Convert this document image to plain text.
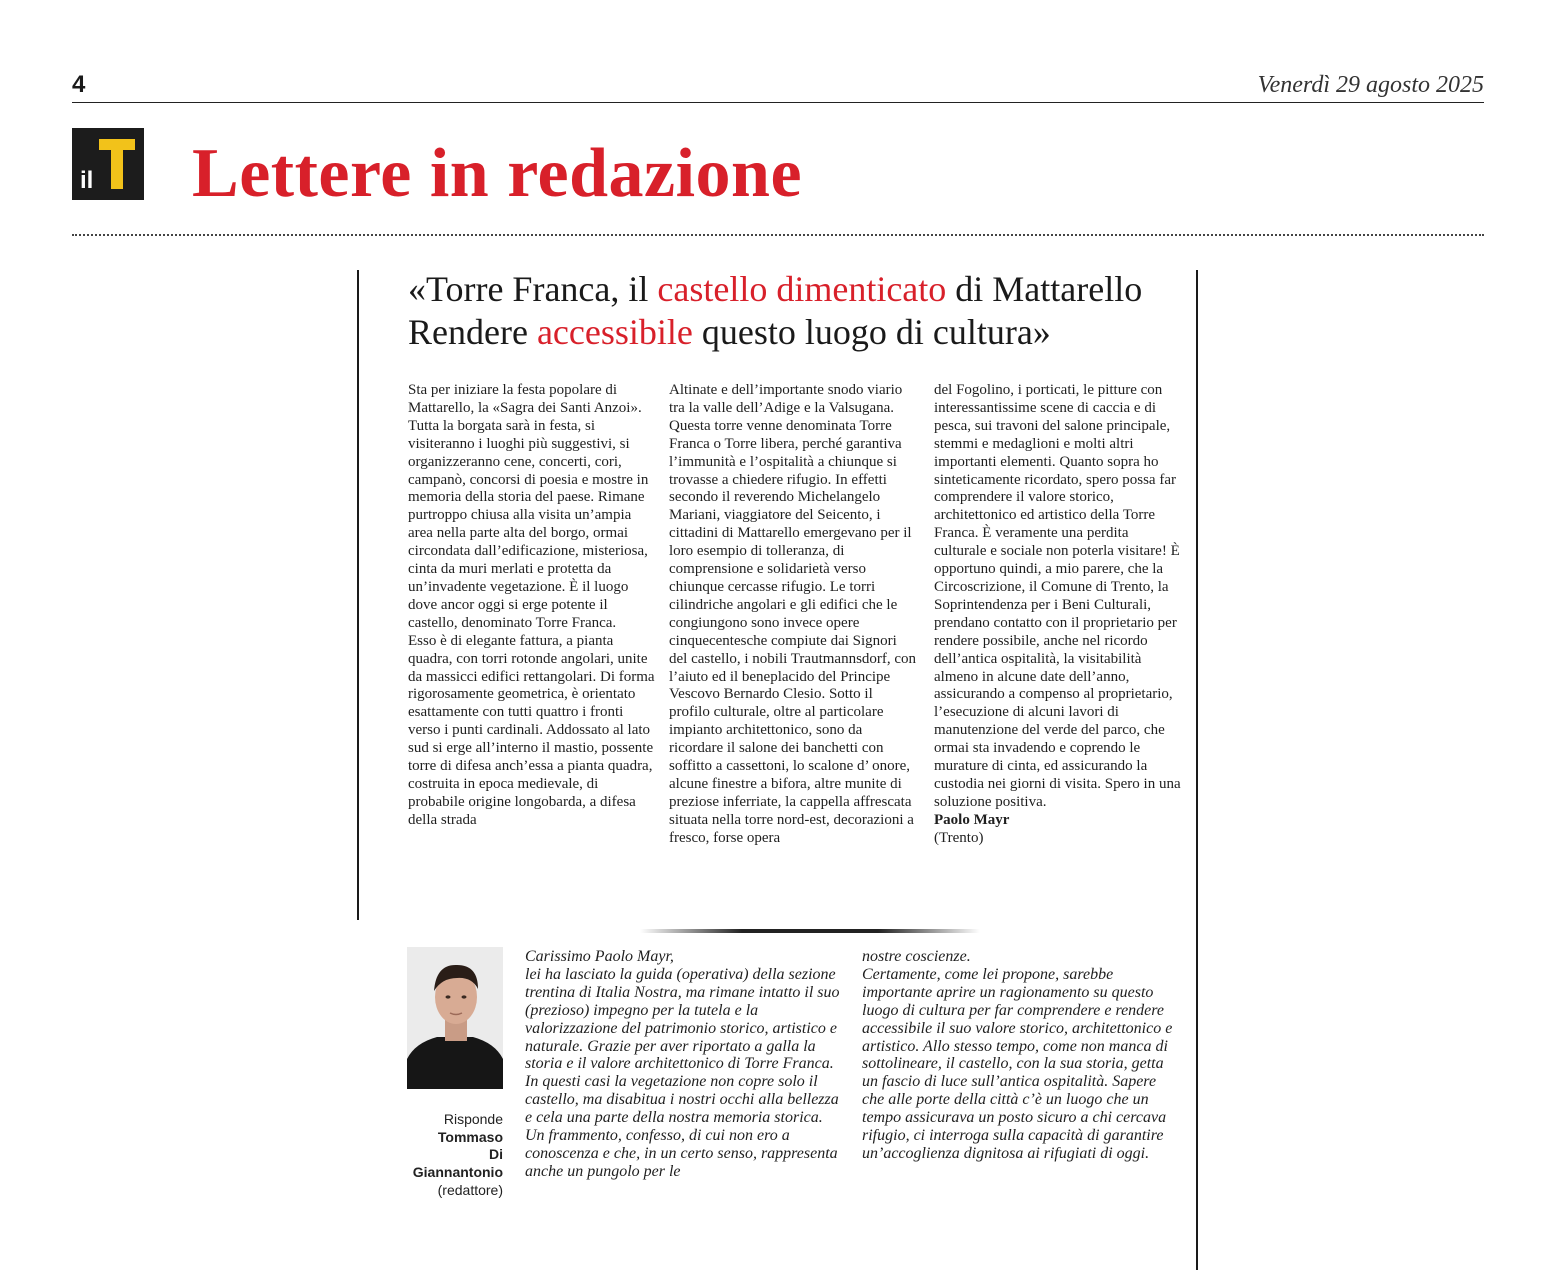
4	Venerdì 29 agosto 2025
il Lettere in redazione
«Torre Franca, il castello dimenticato di Mattarello
Rendere accessibile questo luogo di cultura»

Sta per iniziare la festa popolare di Mattarello, la «Sagra dei Santi Anzoi». Tutta la borgata sarà in festa, si visiteranno i luoghi più suggestivi, si organizzeranno cene, concerti, cori, campanò, concorsi di poesia e mostre in memoria della storia del paese. Rimane purtroppo chiusa alla visita un’ampia area nella parte alta del borgo, ormai circondata dall’edificazione, misteriosa, cinta da muri merlati e protetta da un’invadente vegetazione. È il luogo dove ancor oggi si erge potente il castello, denominato Torre Franca.

Esso è di elegante fattura, a pianta quadra, con torri rotonde angolari, unite da massicci edifici rettangolari. Di forma rigorosamente geometrica, è orientato esattamente con tutti quattro i fronti verso i punti cardinali. Addossato al lato sud si erge all’interno il mastio, possente torre di difesa anch’essa a pianta quadra, costruita in epoca medievale, di probabile origine longobarda, a difesa della strada

Altinate e dell’importante snodo viario tra la valle dell’Adige e la Valsugana. Questa torre venne denominata Torre Franca o Torre libera, perché garantiva l’immunità e l’ospitalità a chiunque si trovasse a chiedere rifugio. In effetti secondo il reverendo Michelangelo Mariani, viaggiatore del Seicento, i cittadini di Mattarello emergevano per il loro esempio di tolleranza, di comprensione e solidarietà verso chiunque cercasse rifugio. Le torri cilindriche angolari e gli edifici che le congiungono sono invece opere cinquecentesche compiute dai Signori del castello, i nobili Trautmannsdorf, con l’aiuto ed il beneplacido del Principe Vescovo Bernardo Clesio. Sotto il profilo culturale, oltre al particolare impianto architettonico, sono da ricordare il salone dei banchetti con soffitto a cassettoni, lo scalone d’ onore, alcune finestre a bifora, altre munite di preziose inferriate, la cappella affrescata situata nella torre nord-est, decorazioni a fresco, forse opera

del Fogolino, i porticati, le pitture con interessantissime scene di caccia e di pesca, sui travoni del salone principale, stemmi e medaglioni e molti altri importanti elementi. Quanto sopra ho sinteticamente ricordato, spero possa far comprendere il valore storico, architettonico ed artistico della Torre Franca. È veramente una perdita culturale e sociale non poterla visitare! È opportuno quindi, a mio parere, che la Circoscrizione, il Comune di Trento, la Soprintendenza per i Beni Culturali, prendano contatto con il proprietario per rendere possibile, anche nel ricordo dell’antica ospitalità, la visitabilità almeno in alcune date dell’anno, assicurando a compenso al proprietario, l’esecuzione di alcuni lavori di manutenzione del verde del parco, che ormai sta invadendo e coprendo le murature di cinta, ed assicurando la custodia nei giorni di visita. Spero in una soluzione positiva.

Paolo Mayr

(Trento)

Risponde
Tommaso
Di
Giannantonio
(redattore)

Carissimo Paolo Mayr,

lei ha lasciato la guida (operativa) della sezione trentina di Italia Nostra, ma rimane intatto il suo (prezioso) impegno per la tutela e la valorizzazione del patrimonio storico, artistico e naturale. Grazie per aver riportato a galla la storia e il valore architettonico di Torre Franca. In questi casi la vegetazione non copre solo il castello, ma disabitua i nostri occhi alla bellezza e cela una parte della nostra memoria storica. Un frammento, confesso, di cui non ero a conoscenza e che, in un certo senso, rappresenta anche un pungolo per le

nostre coscienze.

Certamente, come lei propone, sarebbe importante aprire un ragionamento su questo luogo di cultura per far comprendere e rendere accessibile il suo valore storico, architettonico e artistico. Allo stesso tempo, come non manca di sottolineare, il castello, con la sua storia, getta un fascio di luce sull’antica ospitalità. Sapere che alle porte della città c’è un luogo che un tempo assicurava un posto sicuro a chi cercava rifugio, ci interroga sulla capacità di garantire un’accoglienza dignitosa ai rifugiati di oggi.
